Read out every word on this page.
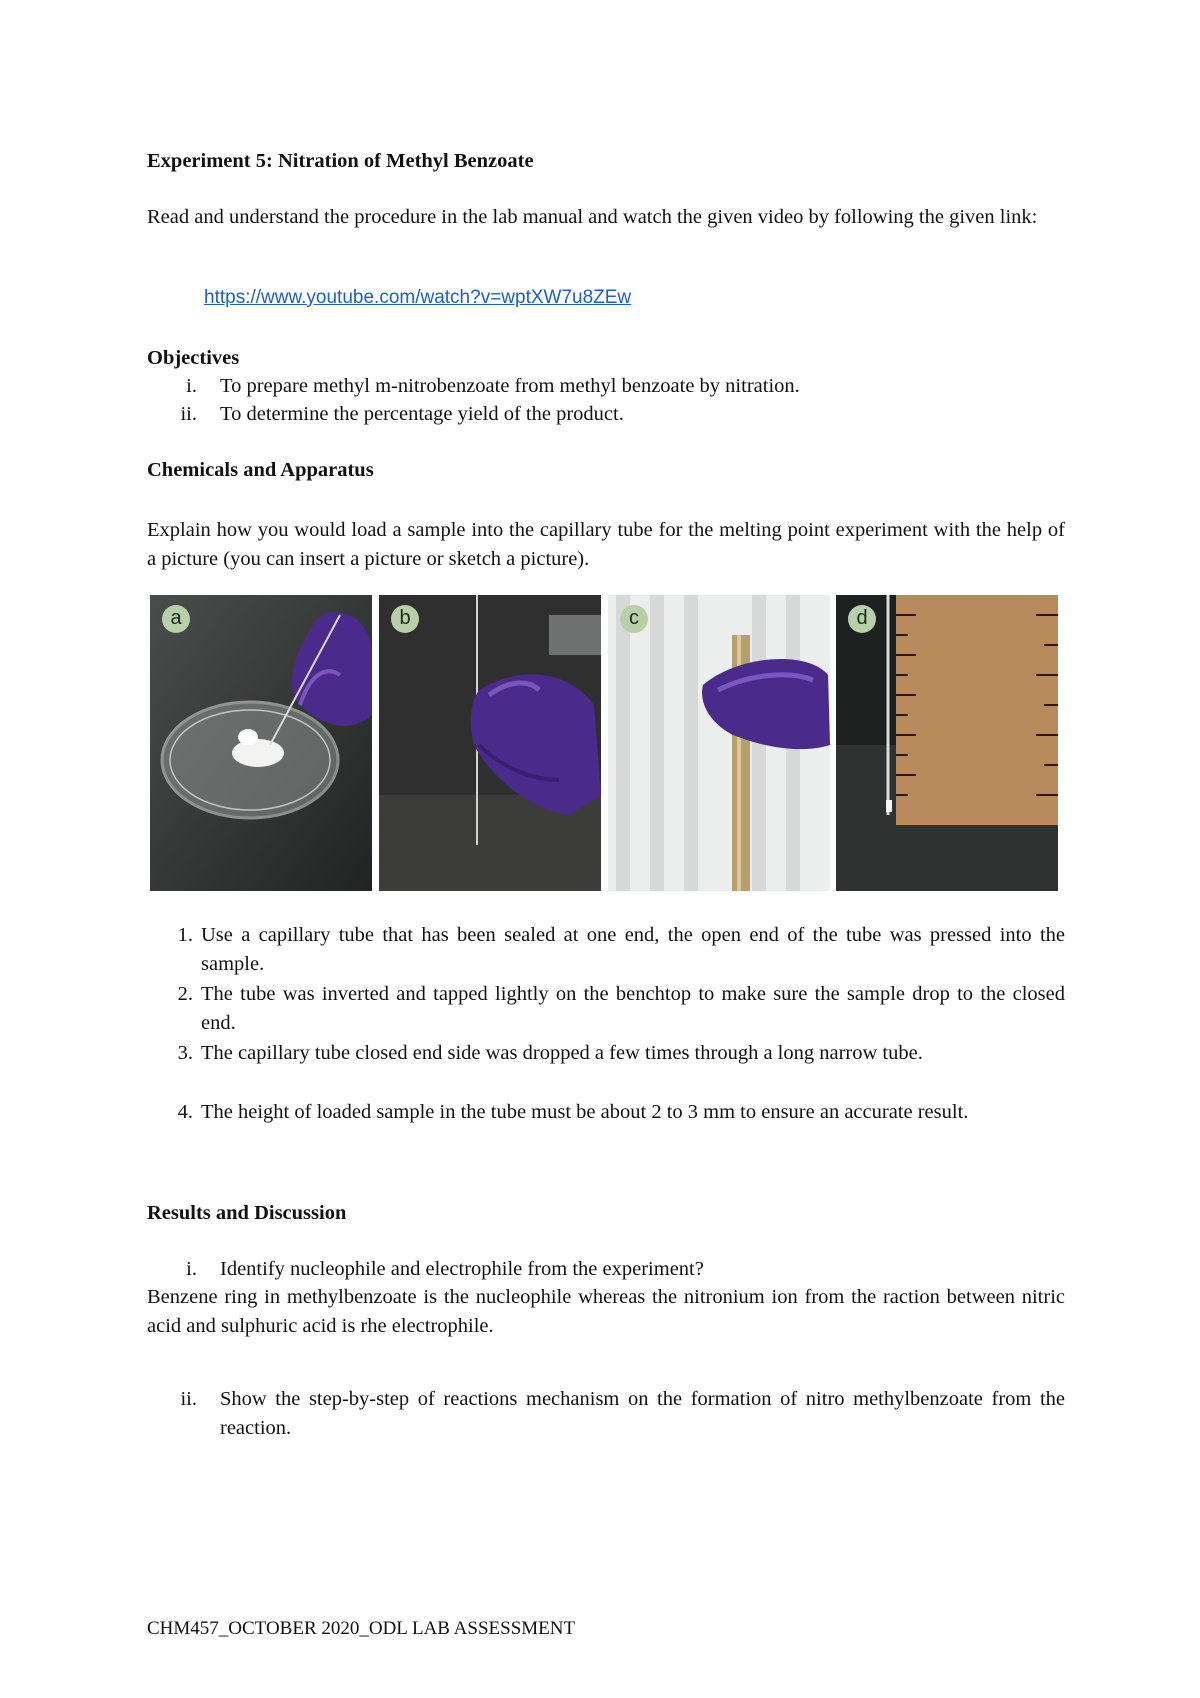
Experiment 5: Nitration of Methyl Benzoate
Read and understand the procedure in the lab manual and watch the given video by following the given link:
https://www.youtube.com/watch?v=wptXW7u8ZEw
Objectives
i. To prepare methyl m-nitrobenzoate from methyl benzoate by nitration.
ii. To determine the percentage yield of the product.
Chemicals and Apparatus
Explain how you would load a sample into the capillary tube for the melting point experiment with the help of a picture (you can insert a picture or sketch a picture).
a	b	c	d
1. Use a capillary tube that has been sealed at one end, the open end of the tube was pressed into the sample.
2. The tube was inverted and tapped lightly on the benchtop to make sure the sample drop to the closed end.
3. The capillary tube closed end side was dropped a few times through a long narrow tube.
4. The height of loaded sample in the tube must be about 2 to 3 mm to ensure an accurate result.
Results and Discussion
i. Identify nucleophile and electrophile from the experiment?
Benzene ring in methylbenzoate is the nucleophile whereas the nitronium ion from the raction between nitric acid and sulphuric acid is rhe electrophile.
ii. Show the step-by-step of reactions mechanism on the formation of nitro methylbenzoate from the reaction.
CHM457_OCTOBER 2020_ODL LAB ASSESSMENT
